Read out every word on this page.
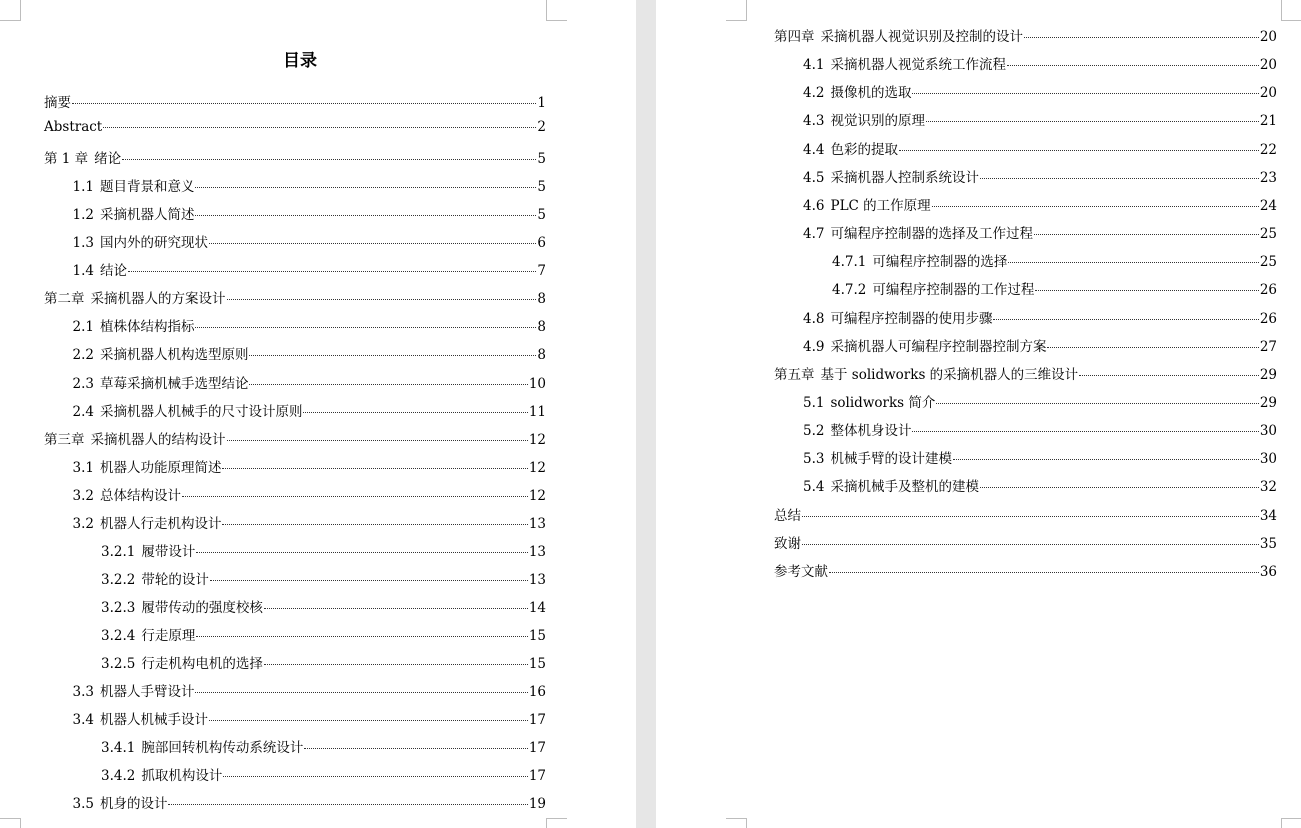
目录
摘要	1
Abstract	2
第 1 章 绪论	5
1.1 题目背景和意义	5
1.2 采摘机器人简述	5
1.3 国内外的研究现状	6
1.4 结论	7
第二章 采摘机器人的方案设计	8
2.1 植株体结构指标	8
2.2 采摘机器人机构选型原则	8
2.3 草莓采摘机械手选型结论	10
2.4 采摘机器人机械手的尺寸设计原则	11
第三章 采摘机器人的结构设计	12
3.1 机器人功能原理简述	12
3.2 总体结构设计	12
3.2 机器人行走机构设计	13
3.2.1 履带设计	13
3.2.2 带轮的设计	13
3.2.3 履带传动的强度校核	14
3.2.4 行走原理	15
3.2.5 行走机构电机的选择	15
3.3 机器人手臂设计	16
3.4 机器人机械手设计	17
3.4.1 腕部回转机构传动系统设计	17
3.4.2 抓取机构设计	17
3.5 机身的设计	19
第四章 采摘机器人视觉识别及控制的设计	20
4.1 采摘机器人视觉系统工作流程	20
4.2 摄像机的选取	20
4.3 视觉识别的原理	21
4.4 色彩的提取	22
4.5 采摘机器人控制系统设计	23
4.6 PLC 的工作原理	24
4.7 可编程序控制器的选择及工作过程	25
4.7.1 可编程序控制器的选择	25
4.7.2 可编程序控制器的工作过程	26
4.8 可编程序控制器的使用步骤	26
4.9 采摘机器人可编程序控制器控制方案	27
第五章 基于 solidworks 的采摘机器人的三维设计	29
5.1 solidworks 简介	29
5.2 整体机身设计	30
5.3 机械手臂的设计建模	30
5.4 采摘机械手及整机的建模	32
总结	34
致谢	35
参考文献	36
